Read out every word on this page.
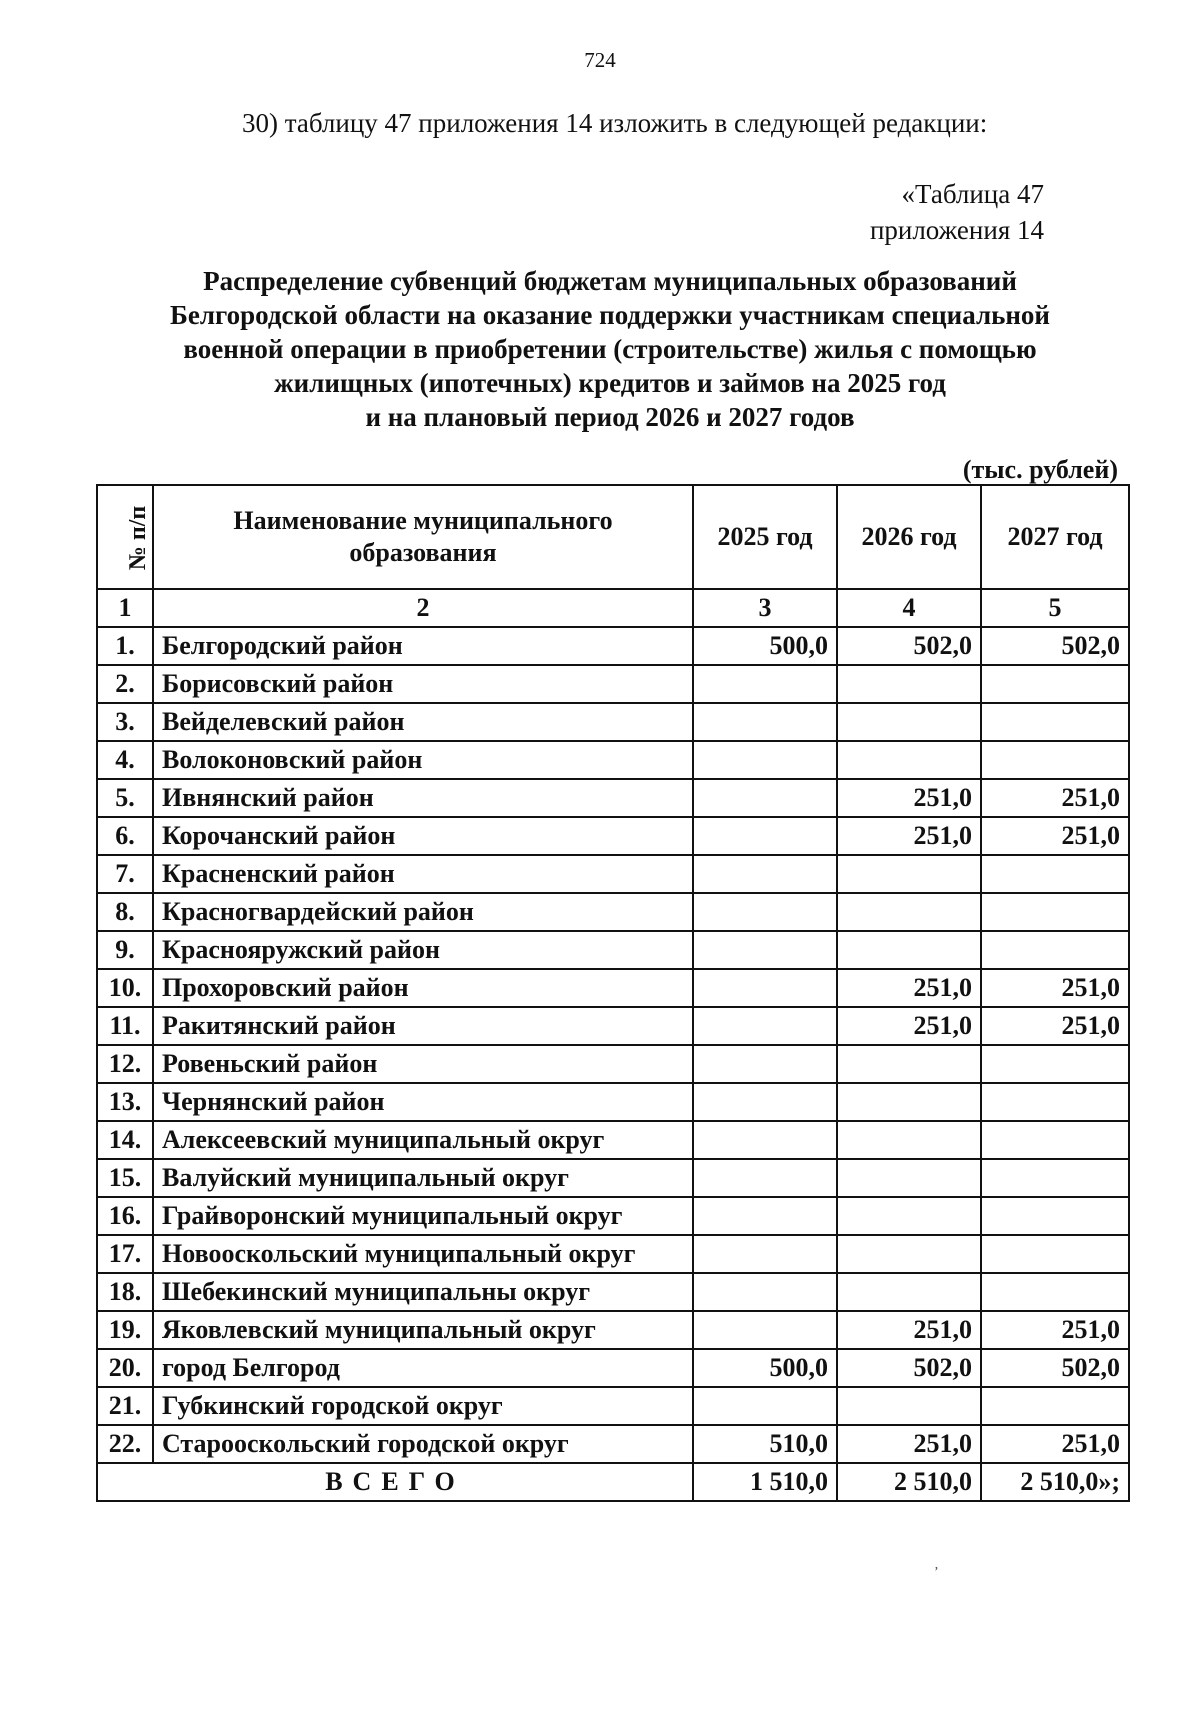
724
30) таблицу 47 приложения 14 изложить в следующей редакции:
«Таблица 47
приложения 14
Распределение субвенций бюджетам муниципальных образований
Белгородской области на оказание поддержки участникам специальной
военной операции в приобретении (строительстве) жилья с помощью
жилищных (ипотечных) кредитов и займов на 2025 год
и на плановый период 2026 и 2027 годов
(тыс. рублей)
№ п/п	Наименование муниципального образования	2025 год	2026 год	2027 год
1	2	3	4	5
1.	Белгородский район	500,0	502,0	502,0
2.	Борисовский район			
3.	Вейделевский район			
4.	Волоконовский район			
5.	Ивнянский район		251,0	251,0
6.	Корочанский район		251,0	251,0
7.	Красненский район			
8.	Красногвардейский район			
9.	Краснояружский район			
10.	Прохоровский район		251,0	251,0
11.	Ракитянский район		251,0	251,0
12.	Ровеньский район			
13.	Чернянский район			
14.	Алексеевский муниципальный округ			
15.	Валуйский муниципальный округ			
16.	Грайворонский муниципальный округ			
17.	Новооскольский муниципальный округ			
18.	Шебекинский муниципальны округ			
19.	Яковлевский муниципальный округ		251,0	251,0
20.	город Белгород	500,0	502,0	502,0
21.	Губкинский городской округ			
22.	Старооскольский городской округ	510,0	251,0	251,0
ВСЕГО		1 510,0	2 510,0	2 510,0»;
’
